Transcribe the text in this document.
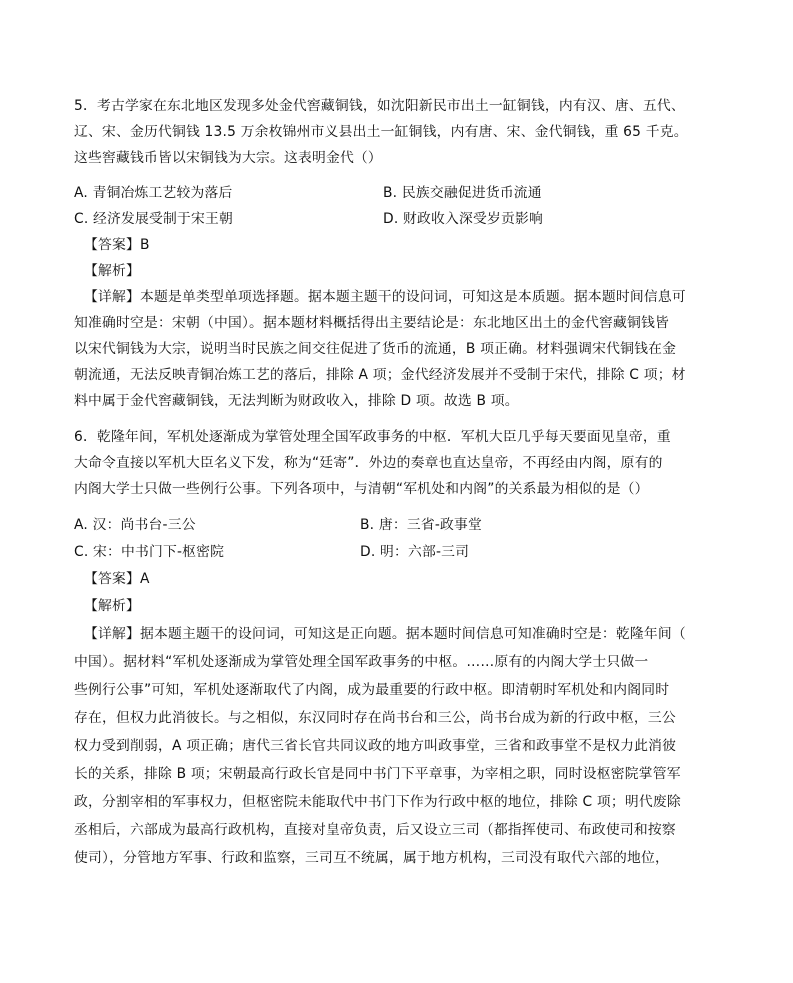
5．考古学家在东北地区发现多处金代窖藏铜钱，如沈阳新民市出土一缸铜钱，内有汉、唐、五代、
辽、宋、金历代铜钱 13.5 万余枚锦州市义县出土一缸铜钱，内有唐、宋、金代铜钱，重 65 千克。
这些窖藏钱币皆以宋铜钱为大宗。这表明金代（）
A. 青铜冶炼工艺较为落后	B. 民族交融促进货币流通
C. 经济发展受制于宋王朝	D. 财政收入深受岁贡影响
【答案】B
【解析】
【详解】本题是单类型单项选择题。据本题主题干的设问词，可知这是本质题。据本题时间信息可
知准确时空是：宋朝（中国）。据本题材料概括得出主要结论是：东北地区出土的金代窖藏铜钱皆
以宋代铜钱为大宗，说明当时民族之间交往促进了货币的流通，B 项正确。材料强调宋代铜钱在金
朝流通，无法反映青铜冶炼工艺的落后，排除 A 项；金代经济发展并不受制于宋代，排除 C 项；材
料中属于金代窖藏铜钱，无法判断为财政收入，排除 D 项。故选 B 项。
6．乾隆年间，军机处逐渐成为掌管处理全国军政事务的中枢．军机大臣几乎每天要面见皇帝，重
大命令直接以军机大臣名义下发，称为“廷寄”．外边的奏章也直达皇帝，不再经由内阁，原有的
内阁大学士只做一些例行公事。下列各项中，与清朝“军机处和内阁”的关系最为相似的是（）
A. 汉：尚书台-三公	B. 唐：三省-政事堂
C. 宋：中书门下-枢密院	D. 明：六部-三司
【答案】A
【解析】
【详解】据本题主题干的设问词，可知这是正向题。据本题时间信息可知准确时空是：乾隆年间（
中国）。据材料“军机处逐渐成为掌管处理全国军政事务的中枢。……原有的内阁大学士只做一
些例行公事”可知，军机处逐渐取代了内阁，成为最重要的行政中枢。即清朝时军机处和内阁同时
存在，但权力此消彼长。与之相似，东汉同时存在尚书台和三公，尚书台成为新的行政中枢，三公
权力受到削弱，A 项正确；唐代三省长官共同议政的地方叫政事堂，三省和政事堂不是权力此消彼
长的关系，排除 B 项；宋朝最高行政长官是同中书门下平章事，为宰相之职，同时设枢密院掌管军
政，分割宰相的军事权力，但枢密院未能取代中书门下作为行政中枢的地位，排除 C 项；明代废除
丞相后，六部成为最高行政机构，直接对皇帝负责，后又设立三司（都指挥使司、布政使司和按察
使司），分管地方军事、行政和监察，三司互不统属，属于地方机构，三司没有取代六部的地位，
